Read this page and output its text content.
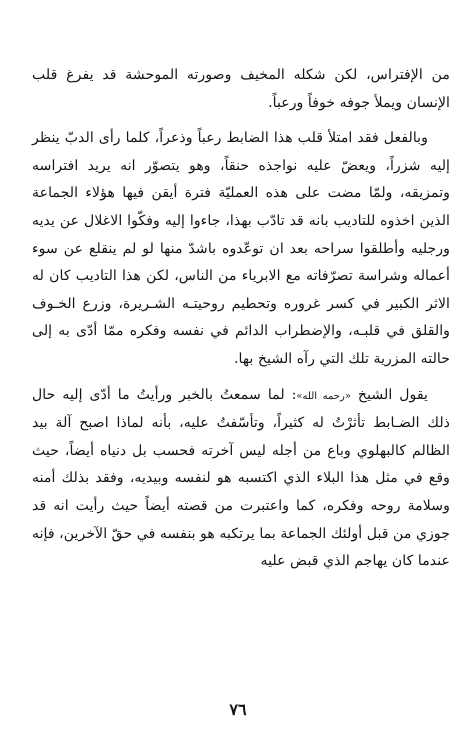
من الإفتراس، لكن شكله المخيف وصورته الموحشة قد يفرغ قلب الإنسان ويملأ جوفه خوفاً ورعباً.

وبالفعل فقد امتلأ قلب هذا الضابط رعباً وذعراً، كلما رأى الدبّ ينظر إليه شزراً، ويعضّ عليه نواجذه حنقاً، وهو يتصوّر انه يريد افتراسه وتمزيقه، ولمّا مضت على هذه العمليّة فترة أيقن فيها هؤلاء الجماعة الذين اخذوه للتاديب بانه قد تادّب بهذا، جاءوا إليه وفكّوا الاغلال عن يديه ورجليه وأطلقوا سراحه بعد ان توعّدوه باشدّ منها لو لم ينقلع عن سوء أعماله وشراسة تصرّفاته مع الابرياء من الناس، لكن هذا التاديب كان له الاثر الكبير في كسر غروره وتحطيم روحيتـه الشـريرة، وزرع الخـوف والقلق في قلبـه، والإضطراب الدائم في نفسه وفكره ممّا أدّى به إلى حالته المزرية تلك التي رآه الشيخ بها.

يقول الشيخ «رحمه الله»: لما سمعتُ بالخبر ورأيتُ ما أدّى إليه حال ذلك الضـابط تأثرْتُ له كثيراً، وتأسّفتُ عليه، بأنه لماذا اصبح آلة بيد الظالم كالبهلوي وباع من أجله ليس آخرته فحسب بل دنياه أيضاً، حيث وقع في مثل هذا البلاء الذي اكتسبه هو لنفسه وبيديه، وفقد بذلك أمنه وسلامة روحه وفكره، كما واعتبرت من قصته أيضاً حيث رأيت انه قد جوزي من قبل أولئك الجماعة بما يرتكبه هو بنفسه في حقّ الآخرين، فإنه عندما كان يهاجم الذي قبض عليه

٧٦
